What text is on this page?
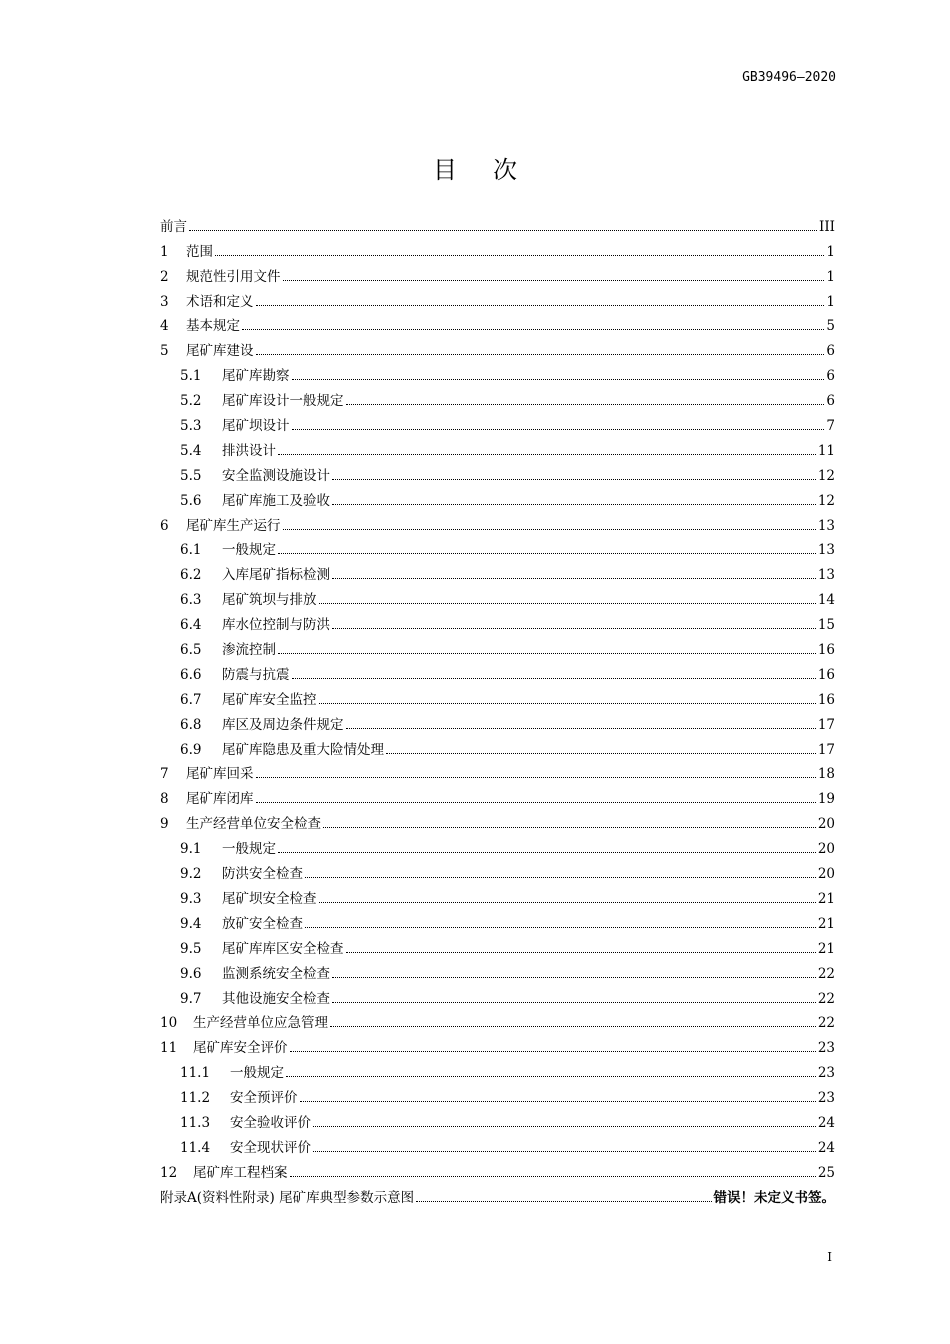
GB39496—2020
目次
前言	III
1	范围	1
2	规范性引用文件	1
3	术语和定义	1
4	基本规定	5
5	尾矿库建设	6
5.1	尾矿库勘察	6
5.2	尾矿库设计一般规定	6
5.3	尾矿坝设计	7
5.4	排洪设计	11
5.5	安全监测设施设计	12
5.6	尾矿库施工及验收	12
6	尾矿库生产运行	13
6.1	一般规定	13
6.2	入库尾矿指标检测	13
6.3	尾矿筑坝与排放	14
6.4	库水位控制与防洪	15
6.5	渗流控制	16
6.6	防震与抗震	16
6.7	尾矿库安全监控	16
6.8	库区及周边条件规定	17
6.9	尾矿库隐患及重大险情处理	17
7	尾矿库回采	18
8	尾矿库闭库	19
9	生产经营单位安全检查	20
9.1	一般规定	20
9.2	防洪安全检查	20
9.3	尾矿坝安全检查	21
9.4	放矿安全检查	21
9.5	尾矿库库区安全检查	21
9.6	监测系统安全检查	22
9.7	其他设施安全检查	22
10	生产经营单位应急管理	22
11	尾矿库安全评价	23
11.1	一般规定	23
11.2	安全预评价	23
11.3	安全验收评价	24
11.4	安全现状评价	24
12	尾矿库工程档案	25
附录A(资料性附录) 尾矿库典型参数示意图	错误！未定义书签。
I
